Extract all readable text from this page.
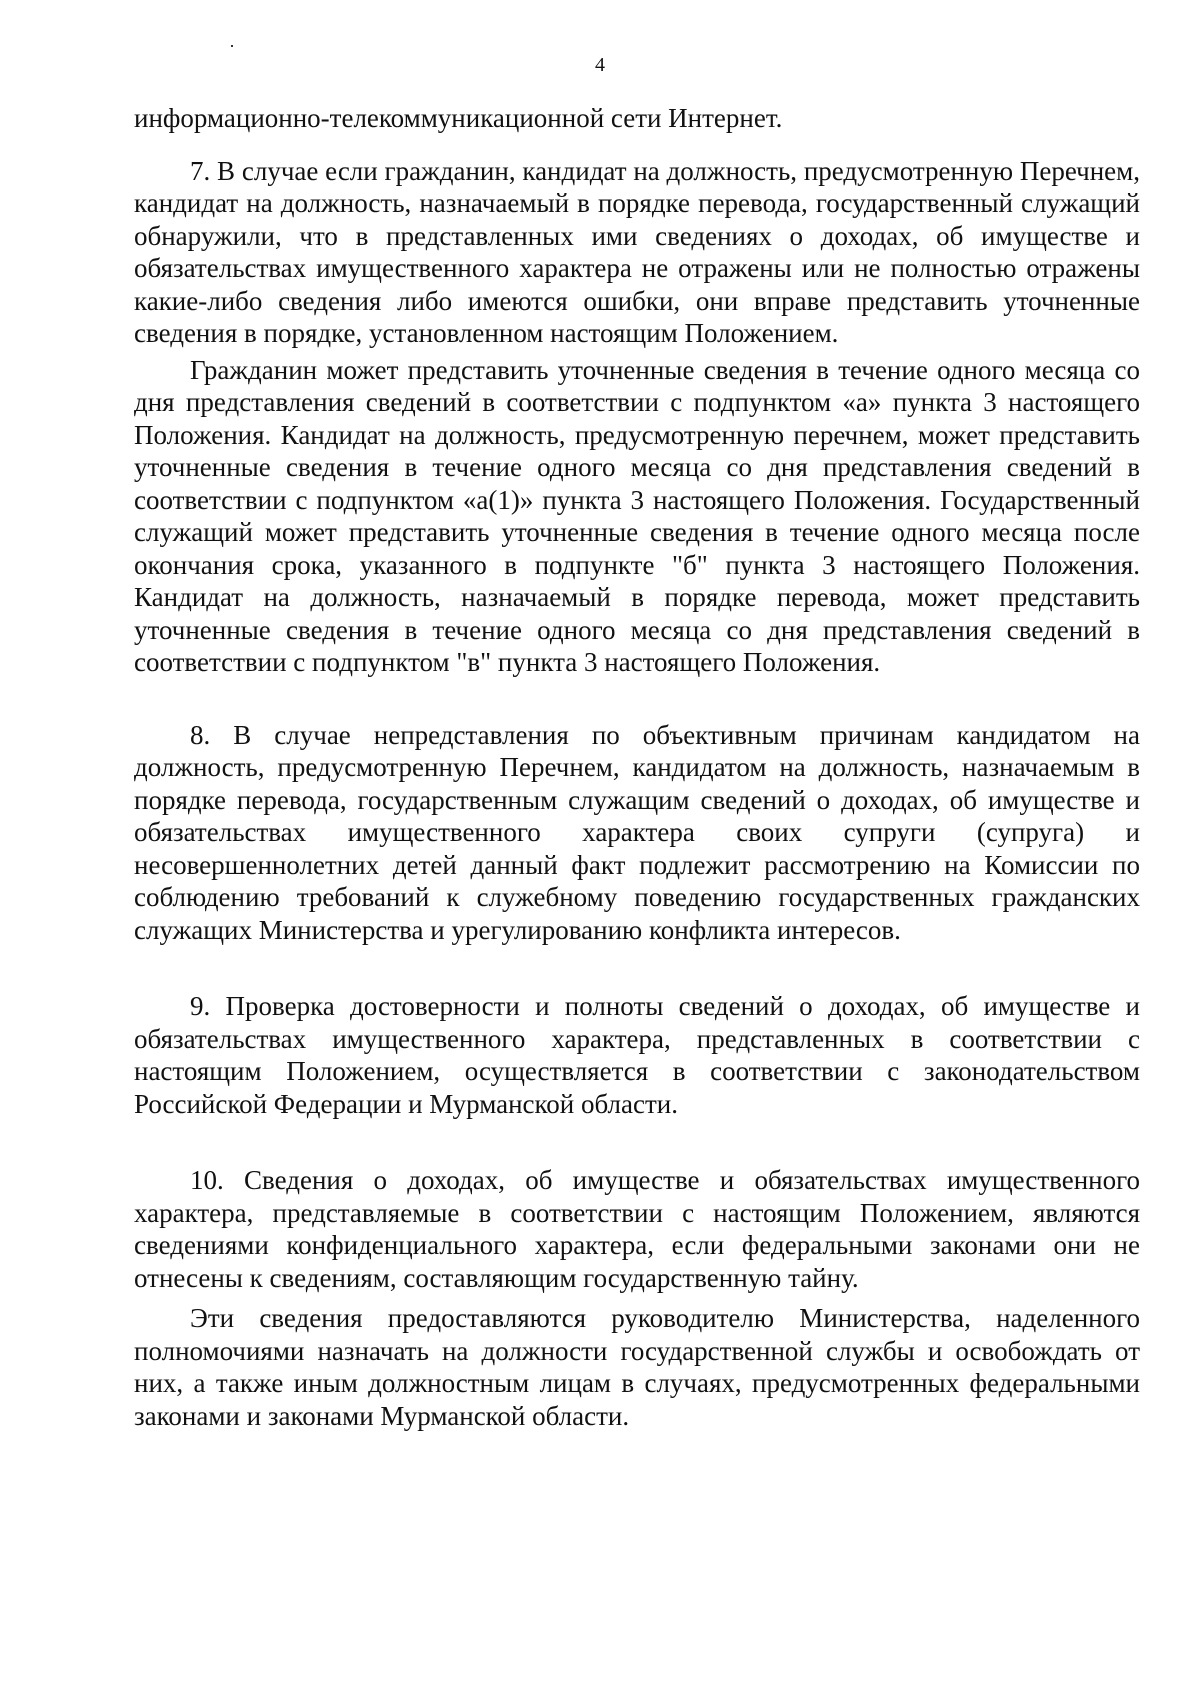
4

информационно-телекоммуникационной сети Интернет.

7. В случае если гражданин, кандидат на должность, предусмотренную Перечнем, кандидат на должность, назначаемый в порядке перевода, государственный служащий обнаружили, что в представленных ими сведениях о доходах, об имуществе и обязательствах имущественного характера не отражены или не полностью отражены какие-либо сведения либо имеются ошибки, они вправе представить уточненные сведения в порядке, установленном настоящим Положением.

Гражданин может представить уточненные сведения в течение одного месяца со дня представления сведений в соответствии с подпунктом «а» пункта 3 настоящего Положения. Кандидат на должность, предусмотренную перечнем, может представить уточненные сведения в течение одного месяца со дня представления сведений в соответствии с подпунктом «а(1)» пункта 3 настоящего Положения. Государственный служащий может представить уточненные сведения в течение одного месяца после окончания срока, указанного в подпункте "б" пункта 3 настоящего Положения. Кандидат на должность, назначаемый в порядке перевода, может представить уточненные сведения в течение одного месяца со дня представления сведений в соответствии с подпунктом "в" пункта 3 настоящего Положения.

8. В случае непредставления по объективным причинам кандидатом на должность, предусмотренную Перечнем, кандидатом на должность, назначаемым в порядке перевода, государственным служащим сведений о доходах, об имуществе и обязательствах имущественного характера своих супруги (супруга) и несовершеннолетних детей данный факт подлежит рассмотрению на Комиссии по соблюдению требований к служебному поведению государственных гражданских служащих Министерства и урегулированию конфликта интересов.

9. Проверка достоверности и полноты сведений о доходах, об имуществе и обязательствах имущественного характера, представленных в соответствии с настоящим Положением, осуществляется в соответствии с законодательством Российской Федерации и Мурманской области.

10. Сведения о доходах, об имуществе и обязательствах имущественного характера, представляемые в соответствии с настоящим Положением, являются сведениями конфиденциального характера, если федеральными законами они не отнесены к сведениям, составляющим государственную тайну.

Эти сведения предоставляются руководителю Министерства, наделенного полномочиями назначать на должности государственной службы и освобождать от них, а также иным должностным лицам в случаях, предусмотренных федеральными законами и законами Мурманской области.
